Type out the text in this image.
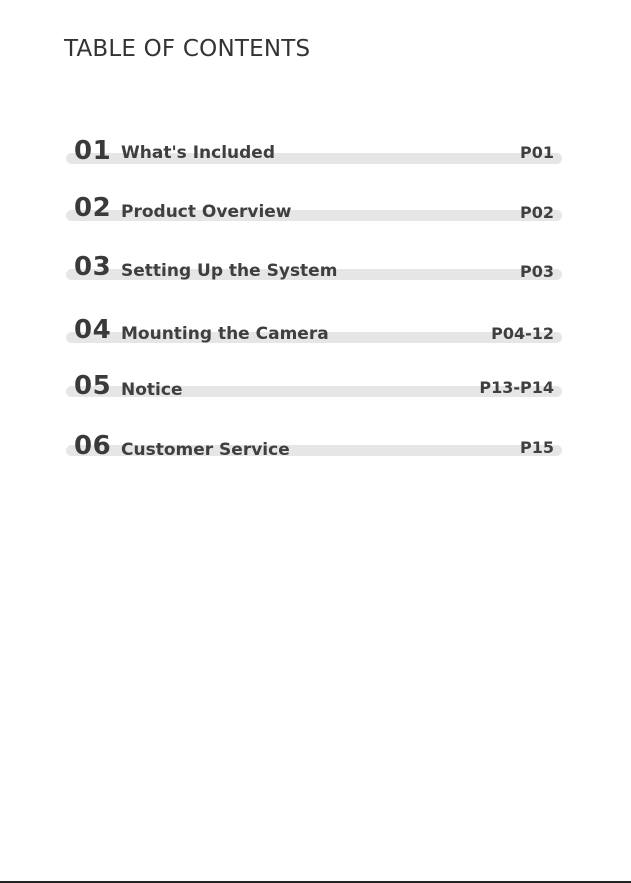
TABLE OF CONTENTS
01 What's Included	P01
02 Product Overview	P02
03 Setting Up the System	P03
04 Mounting the Camera	P04-12
05 Notice	P13-P14
06 Customer Service	P15
